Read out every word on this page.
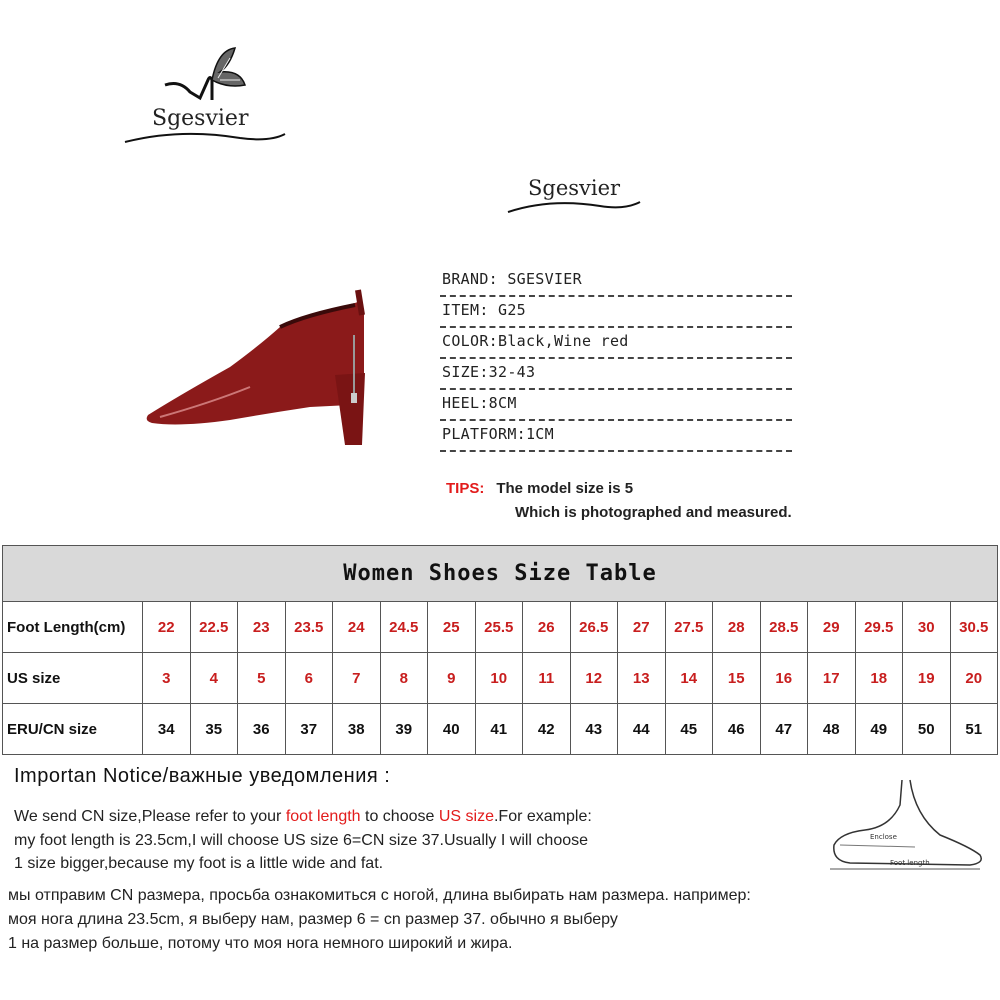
Sgesvier
Sgesvier
BRAND: SGESVIER
ITEM: G25
COLOR:Black,Wine red
SIZE:32-43
HEEL:8CM
PLATFORM:1CM
TIPS: The model size is 5
Which is photographed and measured.
Women Shoes Size Table																		
Foot Length(cm)	22	22.5	23	23.5	24	24.5	25	25.5	26	26.5	27	27.5	28	28.5	29	29.5	30	30.5
US size	3	4	5	6	7	8	9	10	11	12	13	14	15	16	17	18	19	20
ERU/CN size	34	35	36	37	38	39	40	41	42	43	44	45	46	47	48	49	50	51
Importan Notice/важные уведомления :
We send CN size,Please refer to your foot length to choose US size.For example:
my foot length is 23.5cm,I will choose US size 6=CN size 37.Usually I will choose
1 size bigger,because my foot is a little wide and fat.
мы отправим CN размера, просьба ознакомиться с ногой, длина выбирать нам размера. например:
моя нога длина 23.5cm, я выберу нам, размер 6 = cn размер 37. обычно я выберу
1 на размер больше, потому что моя нога немного широкий и жира.
Enclose
Foot length
